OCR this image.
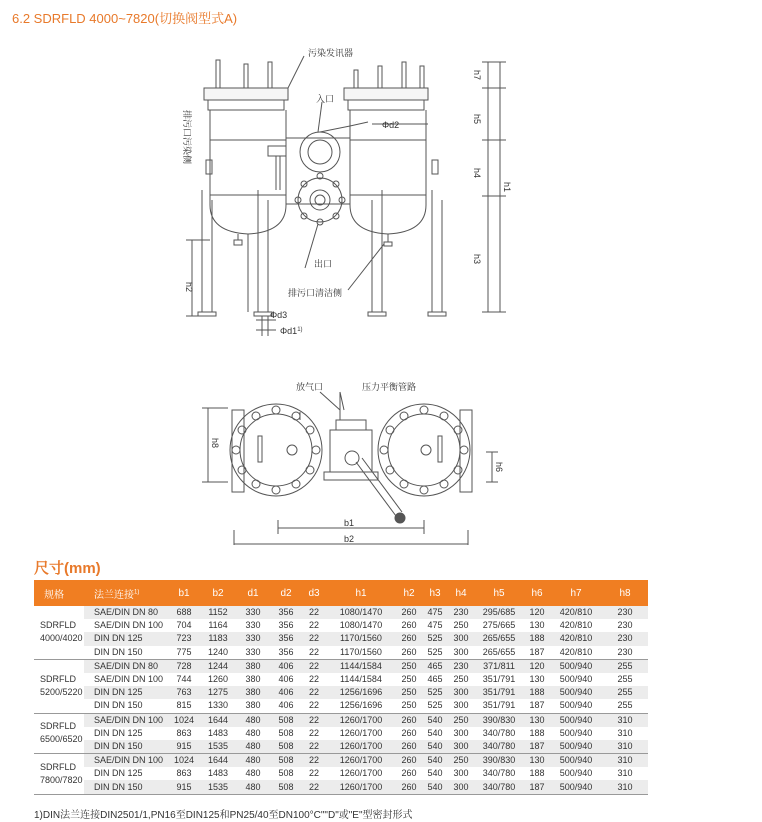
6.2 SDRFLD 4000~7820(切换阀型式A)
污染发讯器
入口
Φd2
出口
排污口清洁侧
Φd3
Φd1$^{1)}$
排污口污染侧
h7
h5
h4
h3
h1
h2
放气口	压力平衡管路
h8
h6
b1
b2
尺寸(mm)
规格	法兰连接$^{1)}$	b1	b2	d1	d2	d3	h1	h2	h3	h4	h5	h6	h7	h8

SDRFLD
4000/4020	SAE/DIN DN 80	688	1152	330	356	22	1080/1470	260	475	230	295/685	120	420/810	230
	SAE/DIN DN 100	704	1164	330	356	22	1080/1470	260	475	250	275/665	130	420/810	230
	DIN DN 125	723	1183	330	356	22	1170/1560	260	525	300	265/655	188	420/810	230
	DIN DN 150	775	1240	330	356	22	1170/1560	260	525	300	265/655	187	420/810	230

SDRFLD
5200/5220	SAE/DIN DN 80	728	1244	380	406	22	1144/1584	250	465	230	371/811	120	500/940	255
	SAE/DIN DN 100	744	1260	380	406	22	1144/1584	250	465	250	351/791	130	500/940	255
	DIN DN 125	763	1275	380	406	22	1256/1696	250	525	300	351/791	188	500/940	255
	DIN DN 150	815	1330	380	406	22	1256/1696	250	525	300	351/791	187	500/940	255

SDRFLD
6500/6520	SAE/DIN DN 100	1024	1644	480	508	22	1260/1700	260	540	250	390/830	130	500/940	310
	DIN DN 125	863	1483	480	508	22	1260/1700	260	540	300	340/780	188	500/940	310
	DIN DN 150	915	1535	480	508	22	1260/1700	260	540	300	340/780	187	500/940	310

SDRFLD
7800/7820	SAE/DIN DN 100	1024	1644	480	508	22	1260/1700	260	540	250	390/830	130	500/940	310
	DIN DN 125	863	1483	480	508	22	1260/1700	260	540	300	340/780	188	500/940	310
	DIN DN 150	915	1535	480	508	22	1260/1700	260	540	300	340/780	187	500/940	310
1)DIN法兰连接DIN2501/1,PN16至DIN125和PN25/40至DN100°C""D"或"E"型密封形式
